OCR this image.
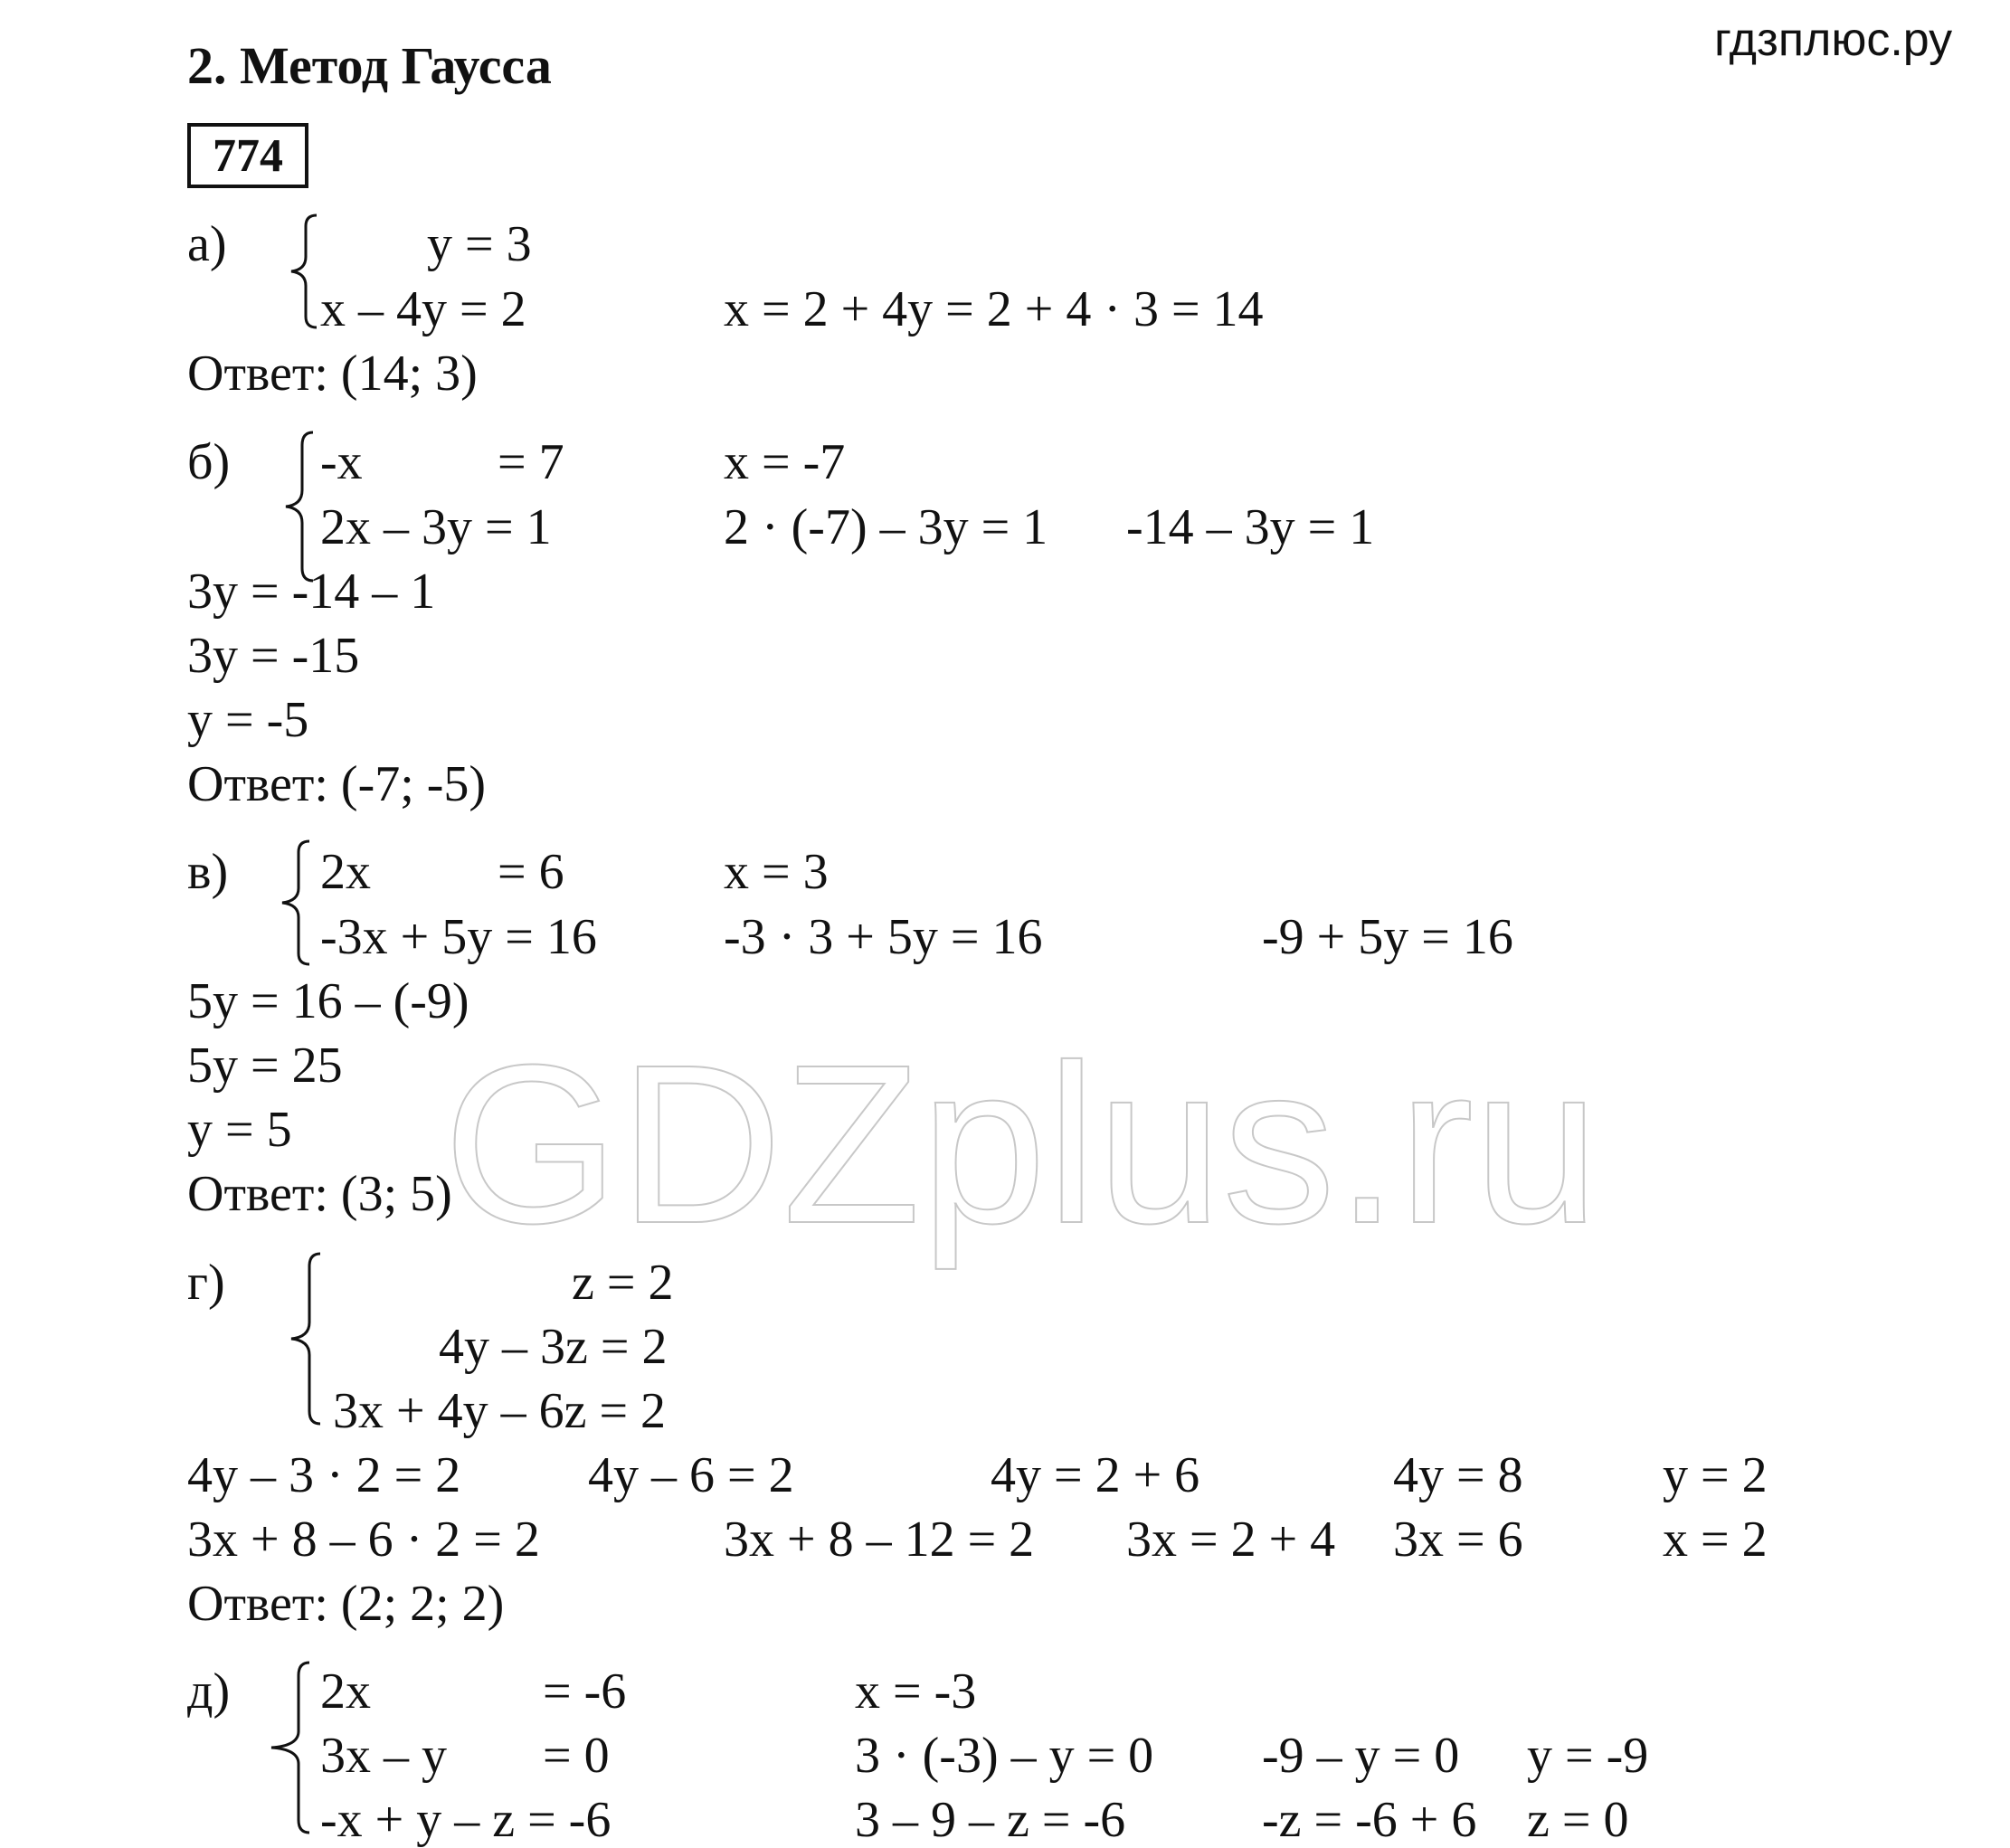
2. Метод Гаусса	гдзплюс.ру
774
GDZplus.ru
а)	y = 3
x – 4y = 2	x = 2 + 4y = 2 + 4 · 3 = 14
Ответ: (14; 3)
б) -x	= 7
2x – 3y = 1
x = -7
2 · (-7) – 3y = 1 -14 – 3y = 1
3y = -14 – 1
3y = -15
y = -5
Ответ: (-7; -5)
в) 2x	= 6
-3x + 5y = 16
x = 3
-3 · 3 + 5y = 16	-9 + 5y = 16
5y = 16 – (-9)
5y = 25
y = 5
Ответ: (3; 5)
г)	z = 2
4y – 3z = 2
3x + 4y – 6z = 2
4y – 3 · 2 = 2	4y – 6 = 2	4y = 2 + 6	4y = 8	y = 2
3x + 8 – 6 · 2 = 2	3x + 8 – 12 = 2 3x = 2 + 4 3x = 6	x = 2
Ответ: (2; 2; 2)
д) 2x	= -6
3x – y = 0
-x + y – z = -6
x = -3
3 · (-3) – y = 0 -9 – y = 0 y = -9
3 – 9 – z = -6	-z = -6 + 6 z = 0
